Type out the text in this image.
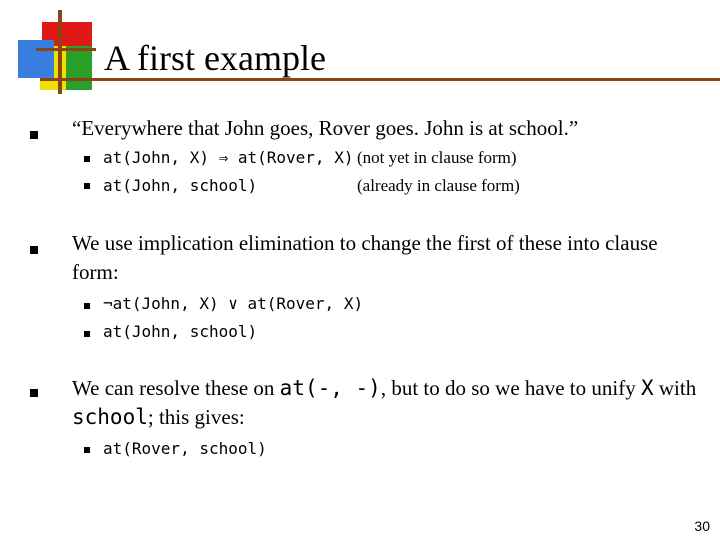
A first example
“Everywhere that John goes, Rover goes. John is at school.”
at(John, X) ⇒ at(Rover, X) (not yet in clause form)
at(John, school)	(already in clause form)
We use implication elimination to change the first of these into clause form:
¬at(John, X) ∨ at(Rover, X)
at(John, school)
We can resolve these on at(-, -), but to do so we have to unify X with school; this gives:
at(Rover, school)
30
